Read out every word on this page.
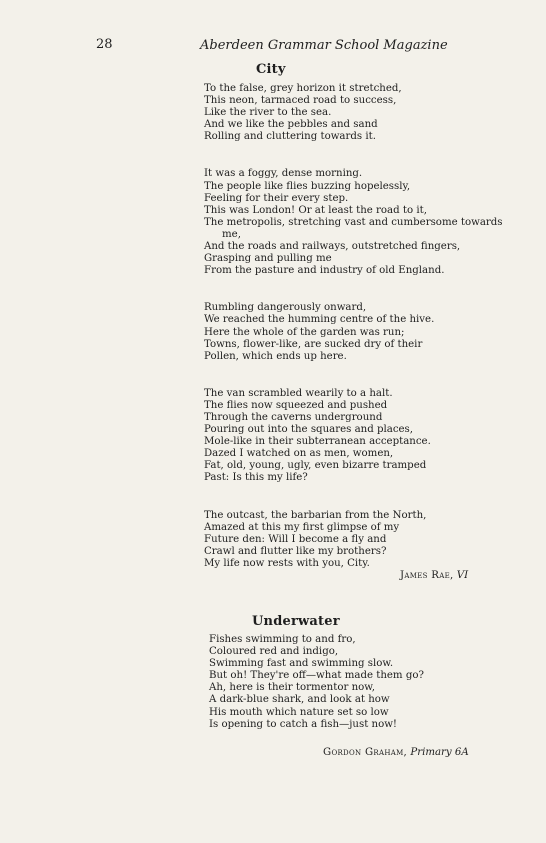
28	Aberdeen Grammar School Magazine
City
To the false, grey horizon it stretched,
This neon, tarmaced road to success,
Like the river to the sea.
And we like the pebbles and sand
Rolling and cluttering towards it.
It was a foggy, dense morning.
The people like flies buzzing hopelessly,
Feeling for their every step.
This was London! Or at least the road to it,
The metropolis, stretching vast and cumbersome towards
me,
And the roads and railways, outstretched fingers,
Grasping and pulling me
From the pasture and industry of old England.
Rumbling dangerously onward,
We reached the humming centre of the hive.
Here the whole of the garden was run;
Towns, flower-like, are sucked dry of their
Pollen, which ends up here.
The van scrambled wearily to a halt.
The flies now squeezed and pushed
Through the caverns underground
Pouring out into the squares and places,
Mole-like in their subterranean acceptance.
Dazed I watched on as men, women,
Fat, old, young, ugly, even bizarre tramped
Past: Is this my life?
The outcast, the barbarian from the North,
Amazed at this my first glimpse of my
Future den: Will I become a fly and
Crawl and flutter like my brothers?
My life now rests with you, City.
James Rae, VI
Underwater
Fishes swimming to and fro,
Coloured red and indigo,
Swimming fast and swimming slow.
But oh! They're off—what made them go?
Ah, here is their tormentor now,
A dark-blue shark, and look at how
His mouth which nature set so low
Is opening to catch a fish—just now!
Gordon Graham, Primary 6A
